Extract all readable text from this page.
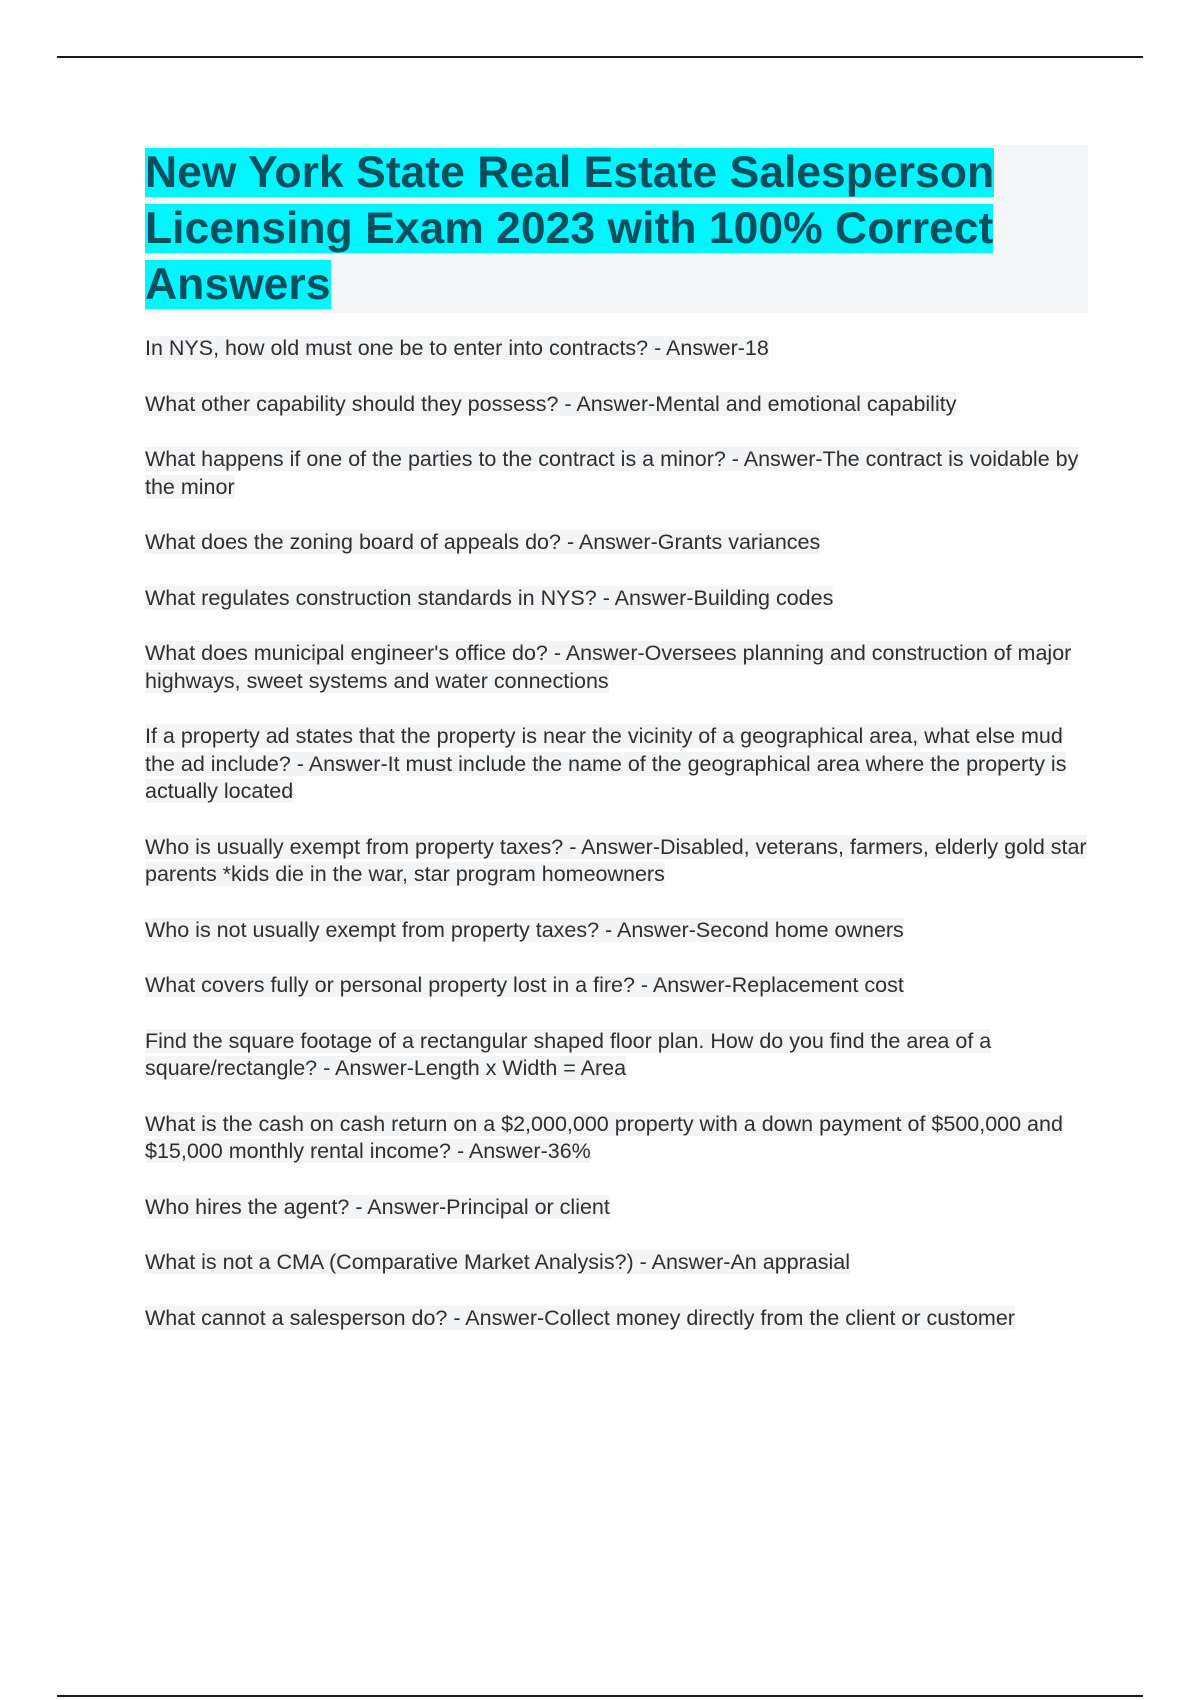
New York State Real Estate Salesperson Licensing Exam 2023 with 100% Correct Answers
In NYS, how old must one be to enter into contracts? - Answer-18
What other capability should they possess? - Answer-Mental and emotional capability
What happens if one of the parties to the contract is a minor? - Answer-The contract is voidable by the minor
What does the zoning board of appeals do? - Answer-Grants variances
What regulates construction standards in NYS? - Answer-Building codes
What does municipal engineer's office do? - Answer-Oversees planning and construction of major highways, sweet systems and water connections
If a property ad states that the property is near the vicinity of a geographical area, what else mud the ad include? - Answer-It must include the name of the geographical area where the property is actually located
Who is usually exempt from property taxes? - Answer-Disabled, veterans, farmers, elderly gold star parents *kids die in the war, star program homeowners
Who is not usually exempt from property taxes? - Answer-Second home owners
What covers fully or personal property lost in a fire? - Answer-Replacement cost
Find the square footage of a rectangular shaped floor plan. How do you find the area of a square/rectangle? - Answer-Length x Width = Area
What is the cash on cash return on a $2,000,000 property with a down payment of $500,000 and $15,000 monthly rental income? - Answer-36%
Who hires the agent? - Answer-Principal or client
What is not a CMA (Comparative Market Analysis?) - Answer-An apprasial
What cannot a salesperson do? - Answer-Collect money directly from the client or customer
